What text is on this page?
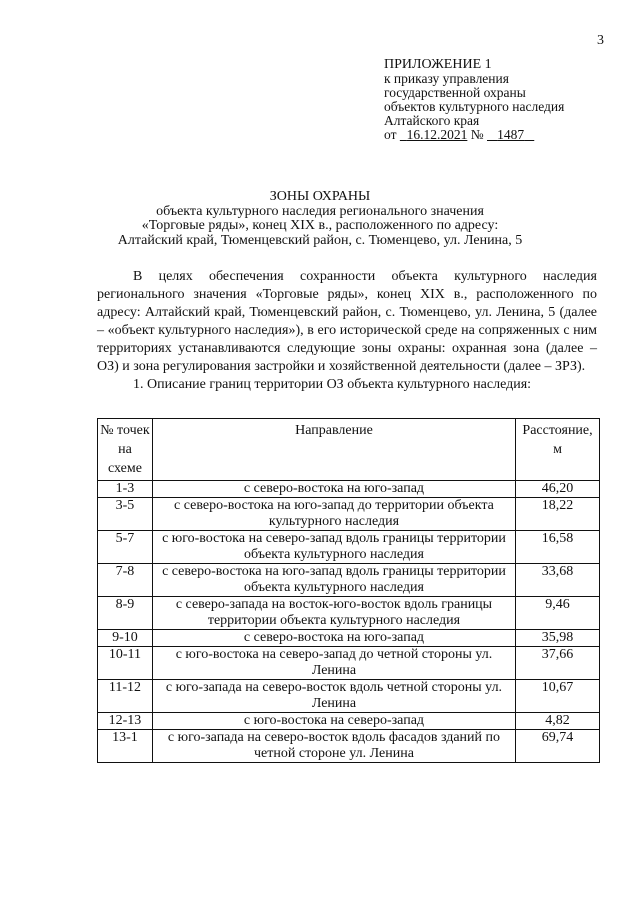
3
ПРИЛОЖЕНИЕ 1
к приказу управления
государственной охраны
объектов культурного наследия
Алтайского края
от 16.12.2021 № 1487
ЗОНЫ ОХРАНЫ
объекта культурного наследия регионального значения
«Торговые ряды», конец XIX в., расположенного по адресу:
Алтайский край, Тюменцевский район, с. Тюменцево, ул. Ленина, 5
В целях обеспечения сохранности объекта культурного наследия регионального значения «Торговые ряды», конец XIX в., расположенного по адресу: Алтайский край, Тюменцевский район, с. Тюменцево, ул. Ленина, 5 (далее – «объект культурного наследия»), в его исторической среде на сопряженных с ним территориях устанавливаются следующие зоны охраны: охранная зона (далее – ОЗ) и зона регулирования застройки и хозяйственной деятельности (далее – ЗРЗ).
1. Описание границ территории ОЗ объекта культурного наследия:
№ точек на схеме	Направление	Расстояние, м
1-3	с северо-востока на юго-запад	46,20
3-5	с северо-востока на юго-запад до территории объекта культурного наследия	18,22
5-7	с юго-востока на северо-запад вдоль границы территории объекта культурного наследия	16,58
7-8	с северо-востока на юго-запад вдоль границы территории объекта культурного наследия	33,68
8-9	с северо-запада на восток-юго-восток вдоль границы территории объекта культурного наследия	9,46
9-10	с северо-востока на юго-запад	35,98
10-11	с юго-востока на северо-запад до четной стороны ул. Ленина	37,66
11-12	с юго-запада на северо-восток вдоль четной стороны ул. Ленина	10,67
12-13	с юго-востока на северо-запад	4,82
13-1	с юго-запада на северо-восток вдоль фасадов зданий по четной стороне ул. Ленина	69,74
